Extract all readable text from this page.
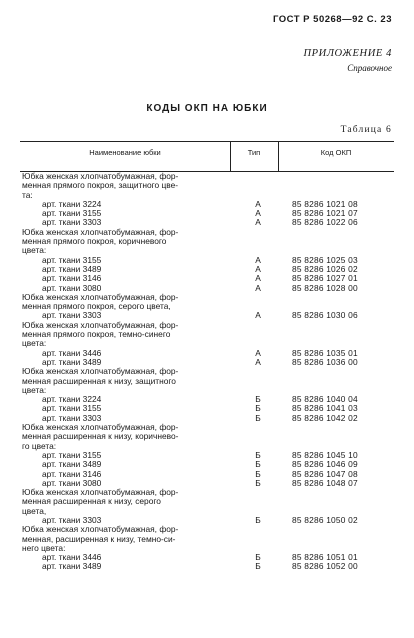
ГОСТ Р 50268—92 С. 23
ПРИЛОЖЕНИЕ 4
Справочное
КОДЫ ОКП НА ЮБКИ
Таблица 6
Наименование юбки	Тип	Код ОКП
Юбка женская хлопчатобумажная, фор-
менная прямого покроя, защитного цве-
та:
арт. ткани 3224	А	85 8286 1021 08
арт. ткани 3155	А	85 8286 1021 07
арт. ткани 3303	А	85 8286 1022 06
Юбка женская хлопчатобумажная, фор-
менная прямого покроя, коричневого
цвета:
арт. ткани 3155	А	85 8286 1025 03
арт. ткани 3489	А	85 8286 1026 02
арт. ткани 3146	А	85 8286 1027 01
арт. ткани 3080	А	85 8286 1028 00
Юбка женская хлопчатобумажная, фор-
менная прямого покроя, серого цвета,
арт. ткани 3303	А	85 8286 1030 06
Юбка женская хлопчатобумажная, фор-
менная прямого покроя, темно-синего
цвета:
арт. ткани 3446	А	85 8286 1035 01
арт. ткани 3489	А	85 8286 1036 00
Юбка женская хлопчатобумажная, фор-
менная расширенная к низу, защитного
цвета:
арт. ткани 3224	Б	85 8286 1040 04
арт. ткани 3155	Б	85 8286 1041 03
арт. ткани 3303	Б	85 8286 1042 02
Юбка женская хлопчатобумажная, фор-
менная расширенная к низу, коричнево-
го цвета:
арт. ткани 3155	Б	85 8286 1045 10
арт. ткани 3489	Б	85 8286 1046 09
арт. ткани 3146	Б	85 8286 1047 08
арт. ткани 3080	Б	85 8286 1048 07
Юбка женская хлопчатобумажная, фор-
менная расширенная к низу, серого
цвета,
арт. ткани 3303	Б	85 8286 1050 02
Юбка женская хлопчатобумажная, фор-
менная, расширенная к низу, темно-си-
него цвета:
арт. ткани 3446	Б	85 8286 1051 01
арт. ткани 3489	Б	85 8286 1052 00
